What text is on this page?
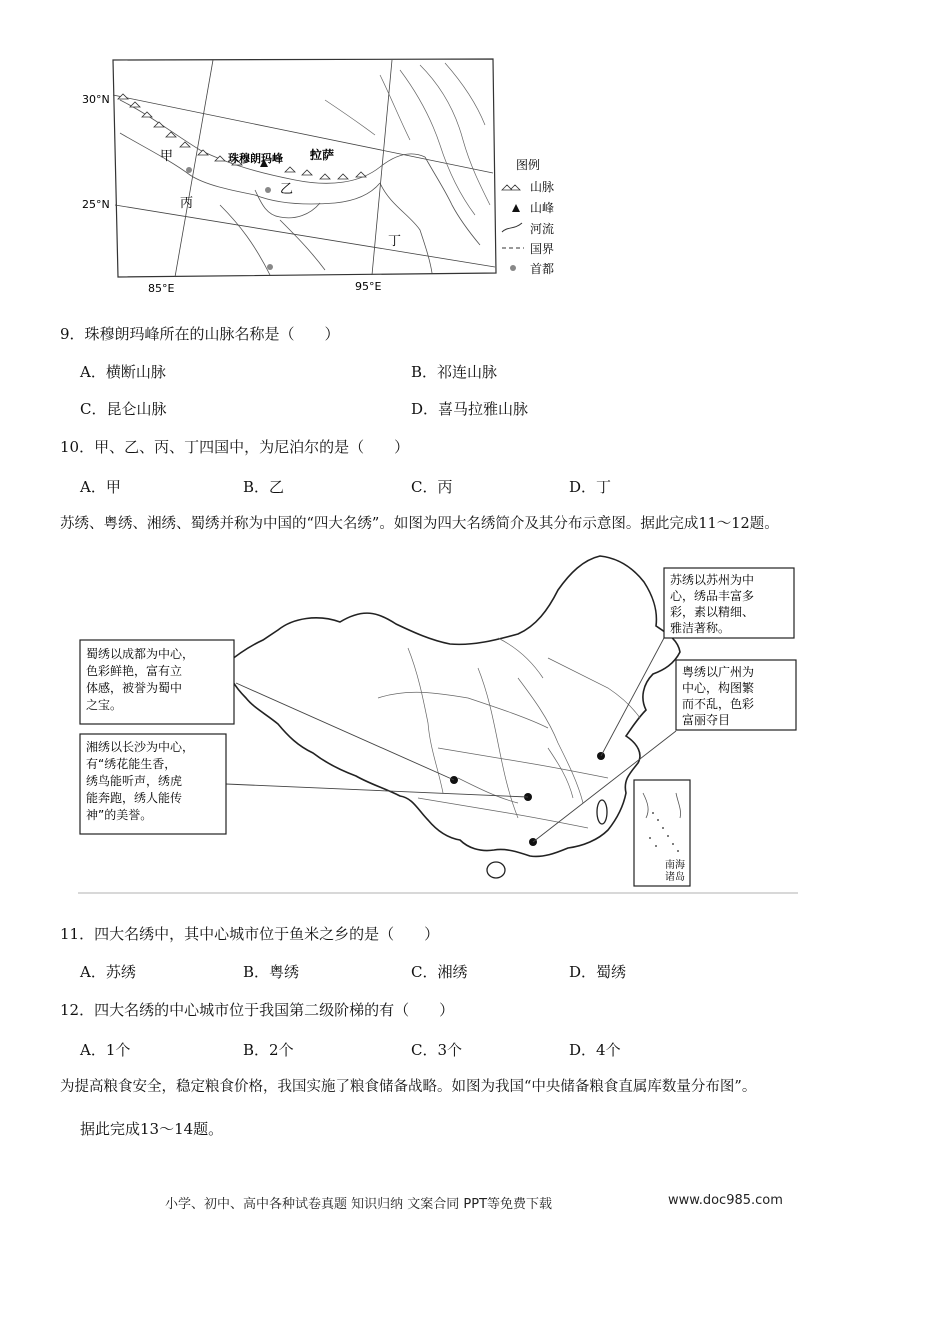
30°N
25°N
85°E	95°E
甲
乙
丙
丁
珠穆朗玛峰 拉萨
图例
山脉
山峰
河流
国界
首都
9．珠穆朗玛峰所在的山脉名称是（　　）
A．横断山脉	B．祁连山脉
C．昆仑山脉	D．喜马拉雅山脉
10．甲、乙、丙、丁四国中，为尼泊尔的是（　　）
A．甲	B．乙	C．丙	D．丁
苏绣、粤绣、湘绣、蜀绣并称为中国的“四大名绣”。如图为四大名绣简介及其分布示意图。据此完成11～12题。
南海
诸岛
蜀绣以成都为中心， 色彩鲜艳，富有立 体感，被誉为蜀中 之宝。
湘绣以长沙为中心， 有“绣花能生香， 绣鸟能听声，绣虎 能奔跑，绣人能传 神”的美誉。
苏绣以苏州为中 心，绣品丰富多 彩，素以精细、 雅洁著称。
粤绣以广州为 中心，构图繁 而不乱，色彩 富丽夺目
11．四大名绣中，其中心城市位于鱼米之乡的是（　　）
A．苏绣	B．粤绣	C．湘绣	D．蜀绣
12．四大名绣的中心城市位于我国第二级阶梯的有（　　）
A．1个	B．2个	C．3个	D．4个
为提高粮食安全，稳定粮食价格，我国实施了粮食储备战略。如图为我国“中央储备粮食直属库数量分布图”。
据此完成13～14题。
小学、初中、高中各种试卷真题 知识归纳 文案合同 PPT等免费下载	www.doc985.com
